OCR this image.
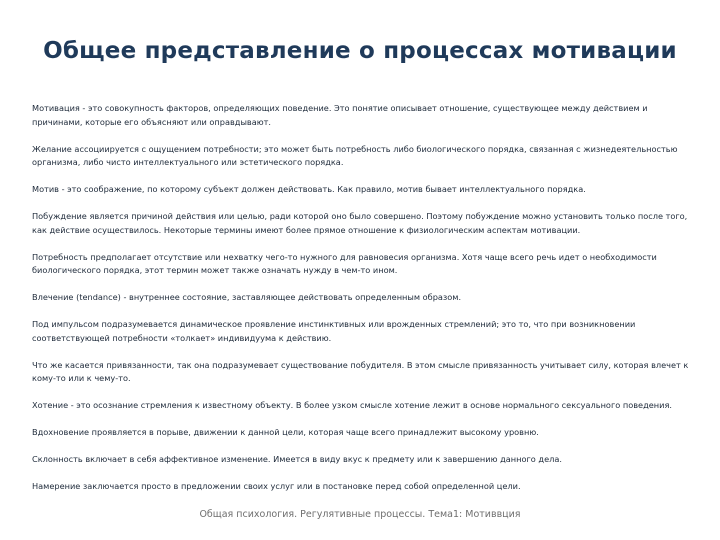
Общее представление о процессах мотивации

Мотивация - это совокупность факторов, определяющих поведение. Это понятие описывает отношение, существующее между действием и причинами, которые его объясняют или оправдывают.

Желание ассоциируется с ощущением потребности; это может быть потребность либо биологического порядка, связанная с жизнедеятельностью организма, либо чисто интеллектуального или эстетического порядка.

Мотив - это соображение, по которому субъект должен действовать. Как правило, мотив бывает интеллектуального порядка.

Побуждение является причиной действия или целью, ради которой оно было совершено. Поэтому побуждение можно установить только после того, как действие осуществилось. Некоторые термины имеют более прямое отношение к физиологическим аспектам мотивации.

Потребность предполагает отсутствие или нехватку чего-то нужного для равновесия организма. Хотя чаще всего речь идет о необходимости биологического порядка, этот термин может также означать нужду в чем-то ином.

Влечение (tendance) - внутреннее состояние, заставляющее действовать определенным образом.

Под импульсом подразумевается динамическое проявление инстинктивных или врожденных стремлений; это то, что при возникновении соответствующей потребности «толкает» индивидуума к действию.

Что же касается привязанности, так она подразумевает существование побудителя. В этом смысле привязанность учитывает силу, которая влечет к кому-то или к чему-то.

Хотение - это осознание стремления к известному объекту. В более узком смысле хотение лежит в основе нормального сексуального поведения.

Вдохновение проявляется в порыве, движении к данной цели, которая чаще всего принадлежит высокому уровню.

Склонность включает в себя аффективное изменение. Имеется в виду вкус к предмету или к завершению данного дела.

Намерение заключается просто в предложении своих услуг или в постановке перед собой определенной цели.

Общая психология. Регулятивные процессы. Тема1: Мотиввция
